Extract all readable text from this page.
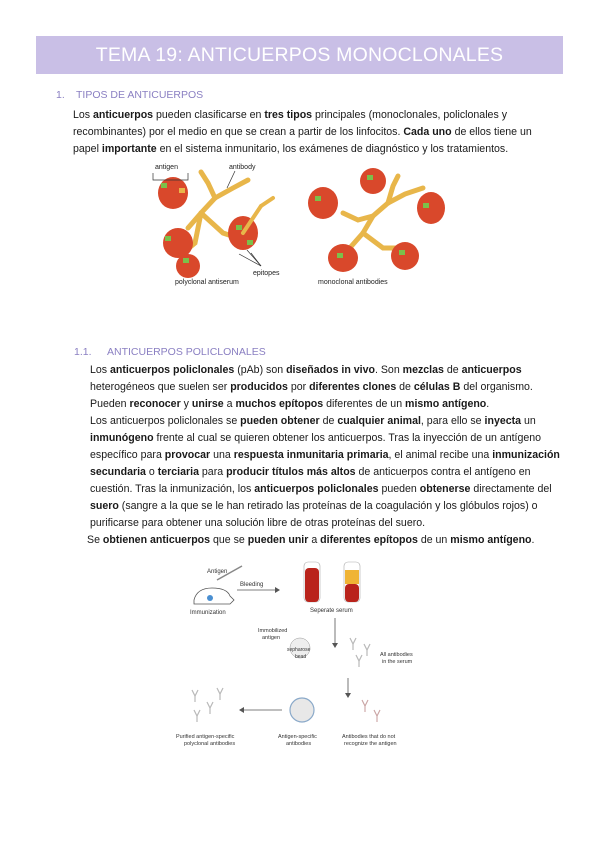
TEMA 19: ANTICUERPOS MONOCLONALES
1. TIPOS DE ANTICUERPOS
Los anticuerpos pueden clasificarse en tres tipos principales (monoclonales, policlonales y recombinantes) por el medio en que se crean a partir de los linfocitos. Cada uno de ellos tiene un papel importante en el sistema inmunitario, los exámenes de diagnóstico y los tratamientos.
antigen	antibody
epitopes
polyclonal antiserum	monoclonal antibodies
1.1. ANTICUERPOS POLICLONALES
Los anticuerpos policlonales (pAb) son diseñados in vivo. Son mezclas de anticuerpos heterogéneos que suelen ser producidos por diferentes clones de células B del organismo. Pueden reconocer y unirse a muchos epítopos diferentes de un mismo antígeno.
Los anticuerpos policlonales se pueden obtener de cualquier animal, para ello se inyecta un inmunógeno frente al cual se quieren obtener los anticuerpos. Tras la inyección de un antígeno específico para provocar una respuesta inmunitaria primaria, el animal recibe una inmunización secundaria o terciaria para producir títulos más altos de anticuerpos contra el antígeno en cuestión. Tras la inmunización, los anticuerpos policlonales pueden obtenerse directamente del suero (sangre a la que se le han retirado las proteínas de la coagulación y los glóbulos rojos) o purificarse para obtener una solución libre de otras proteínas del suero.
Se obtienen anticuerpos que se pueden unir a diferentes epítopos de un mismo antígeno.
Antigen
Bleeding
Immunization	Seperate serum
Immobilized
antigen
sepharose
bead	All antibodies
in the serum
Purified antigen-specific
polyclonal antibodies
Antigen-specific
antibodies
Antibodies that do not
recognize the antigen
